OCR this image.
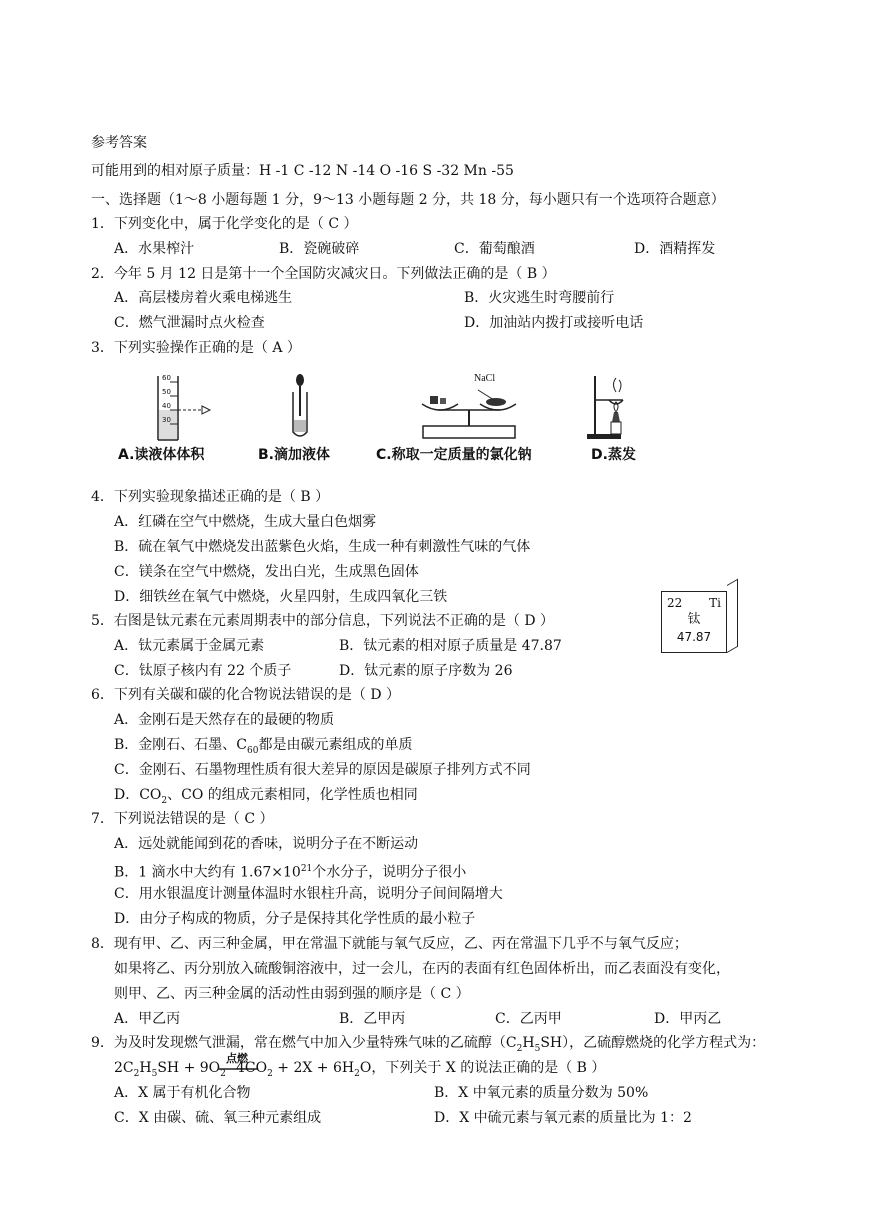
参考答案
可能用到的相对原子质量：H -1 C -12 N -14 O -16 S -32 Mn -55
一、选择题（1～8 小题每题 1 分，9～13 小题每题 2 分，共 18 分，每小题只有一个选项符合题意）
1．下列变化中，属于化学变化的是（ C ）
A．水果榨汁	B．瓷碗破碎	C．葡萄酿酒	D．酒精挥发
2．今年 5 月 12 日是第十一个全国防灾减灾日。下列做法正确的是（ B ）
A．高层楼房着火乘电梯逃生	B．火灾逃生时弯腰前行
C．燃气泄漏时点火检查	D．加油站内拨打或接听电话
3．下列实验操作正确的是（ A ）
60
50
40
30
NaCl
A.读液体体积	B.滴加液体	C.称取一定质量的氯化钠	D.蒸发
4．下列实验现象描述正确的是（ B ）
A．红磷在空气中燃烧，生成大量白色烟雾
B．硫在氧气中燃烧发出蓝紫色火焰，生成一种有刺激性气味的气体
C．镁条在空气中燃烧，发出白光，生成黑色固体
D．细铁丝在氧气中燃烧，火星四射，生成四氧化三铁	22 Ti
钛
47.87
5．右图是钛元素在元素周期表中的部分信息，下列说法不正确的是（ D ）
A．钛元素属于金属元素	B．钛元素的相对原子质量是 47.87
C．钛原子核内有 22 个质子	D．钛元素的原子序数为 26
6．下列有关碳和碳的化合物说法错误的是（ D ）
A．金刚石是天然存在的最硬的物质
B．金刚石、石墨、$C_{60}$都是由碳元素组成的单质
C．金刚石、石墨物理性质有很大差异的原因是碳原子排列方式不同
D．$CO_2$、CO 的组成元素相同，化学性质也相同
7．下列说法错误的是（ C ）
A．远处就能闻到花的香味，说明分子在不断运动
B．1 滴水中大约有 $1.67\times 10^{21}$个水分子，说明分子很小
C．用水银温度计测量体温时水银柱升高，说明分子间间隔增大
D．由分子构成的物质，分子是保持其化学性质的最小粒子
8．现有甲、乙、丙三种金属，甲在常温下就能与氧气反应，乙、丙在常温下几乎不与氧气反应；
如果将乙、丙分别放入硫酸铜溶液中，过一会儿，在丙的表面有红色固体析出，而乙表面没有变化，
则甲、乙、丙三种金属的活动性由弱到强的顺序是（ C ）
A．甲乙丙	B．乙甲丙	C．乙丙甲	D．甲丙乙
9．为及时发现燃气泄漏，常在燃气中加入少量特殊气味的乙硫醇$(C_2H_5SH)$，乙硫醇燃烧的化学方程式为：
$2C_2H_5SH + 9O_2$
点燃
$4CO_2 + 2X + 6H_2O$，下列关于 X 的说法正确的是（ B ）
A．X 属于有机化合物	B．X 中氧元素的质量分数为 50%
C．X 由碳、硫、氧三种元素组成	D．X 中硫元素与氧元素的质量比为 1：2
